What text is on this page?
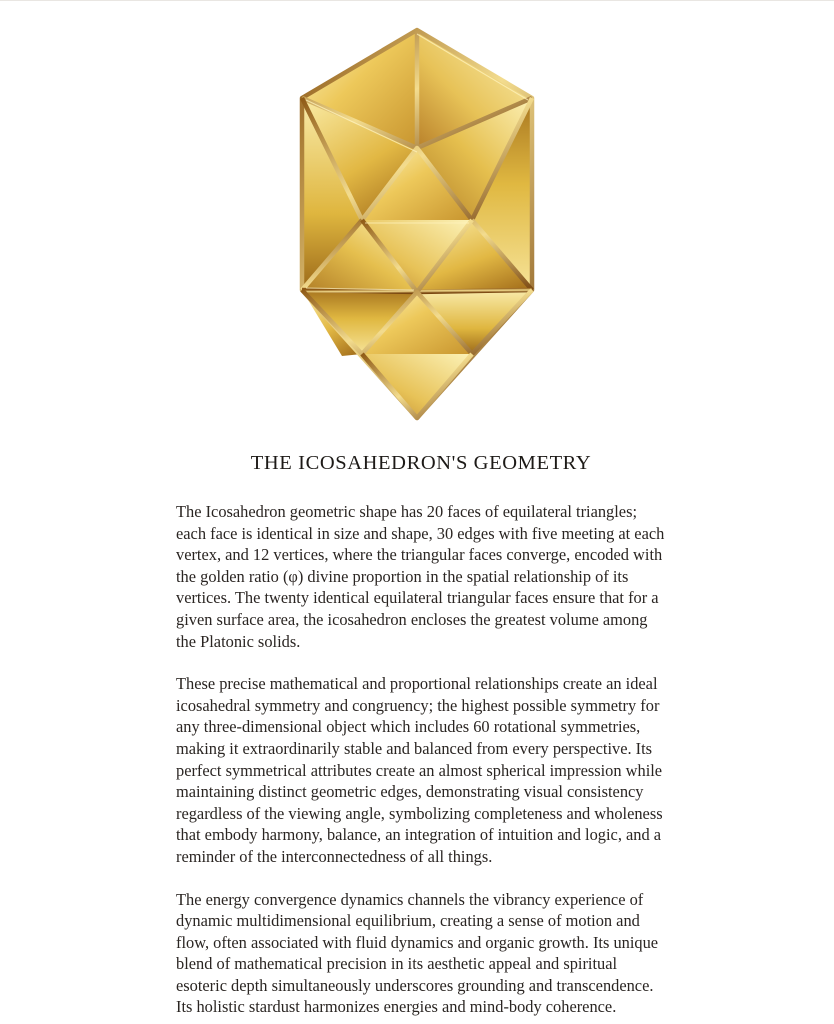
THE ICOSAHEDRON'S GEOMETRY

The Icosahedron geometric shape has 20 faces of equilateral triangles; each face is identical in size and shape, 30 edges with five meeting at each vertex, and 12 vertices, where the triangular faces converge, encoded with the golden ratio (φ) divine proportion in the spatial relationship of its vertices. The twenty identical equilateral triangular faces ensure that for a given surface area, the icosahedron encloses the greatest volume among the Platonic solids.

These precise mathematical and proportional relationships create an ideal icosahedral symmetry and congruency; the highest possible symmetry for any three-dimensional object which includes 60 rotational symmetries, making it extraordinarily stable and balanced from every perspective. Its perfect symmetrical attributes create an almost spherical impression while maintaining distinct geometric edges, demonstrating visual consistency regardless of the viewing angle, symbolizing completeness and wholeness that embody harmony, balance, an integration of intuition and logic, and a reminder of the interconnectedness of all things.

The energy convergence dynamics channels the vibrancy experience of dynamic multidimensional equilibrium, creating a sense of motion and flow, often associated with fluid dynamics and organic growth. Its unique blend of mathematical precision in its aesthetic appeal and spiritual esoteric depth simultaneously underscores grounding and transcendence. Its holistic stardust harmonizes energies and mind-body coherence.
